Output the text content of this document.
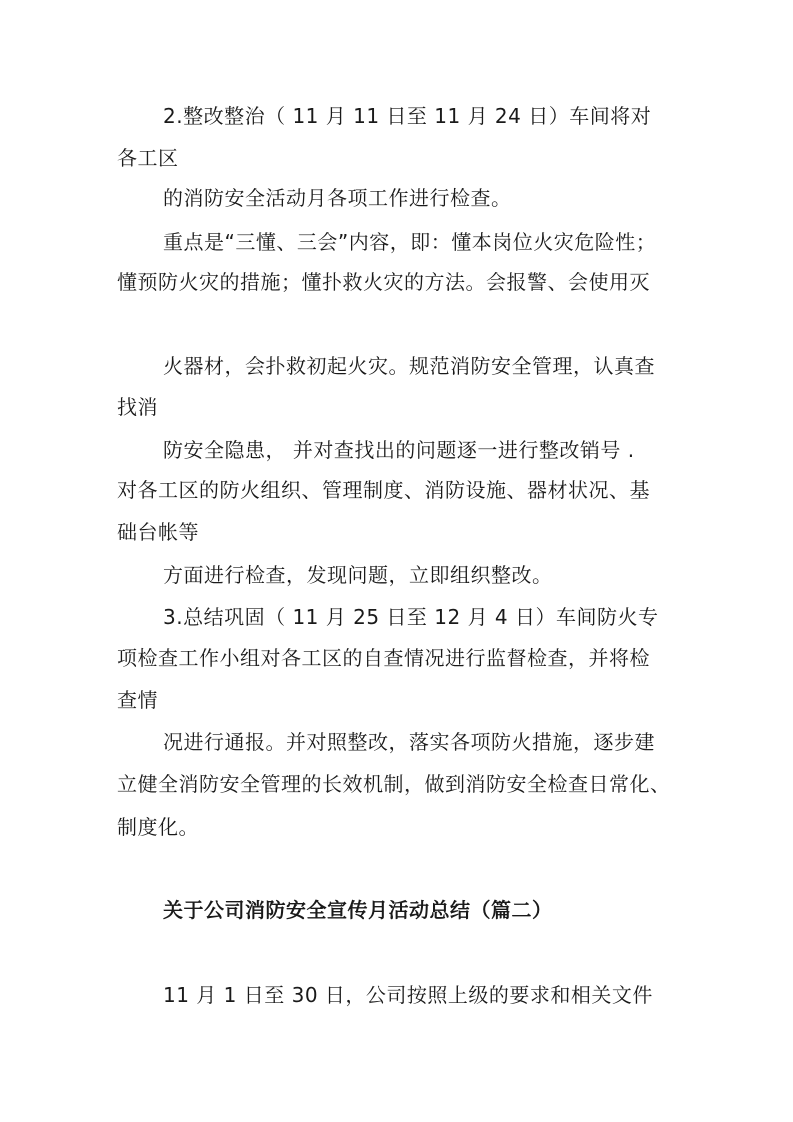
2.整改整治（ 11 月 11 日至 11 月 24 日）车间将对
各工区
的消防安全活动月各项工作进行检查。
重点是“三懂、三会”内容，即：懂本岗位火灾危险性；
懂预防火灾的措施；懂扑救火灾的方法。会报警、会使用灭
火器材，会扑救初起火灾。规范消防安全管理，认真查
找消
防安全隐患， 并对查找出的问题逐一进行整改销号 .
对各工区的防火组织、管理制度、消防设施、器材状况、基
础台帐等
方面进行检查，发现问题，立即组织整改。
3.总结巩固（ 11 月 25 日至 12 月 4 日）车间防火专
项检查工作小组对各工区的自查情况进行监督检查，并将检
查情
况进行通报。并对照整改，落实各项防火措施，逐步建
立健全消防安全管理的长效机制，做到消防安全检查日常化、
制度化。
关于公司消防安全宣传月活动总结（篇二）
11 月 1 日至 30 日，公司按照上级的要求和相关文件
